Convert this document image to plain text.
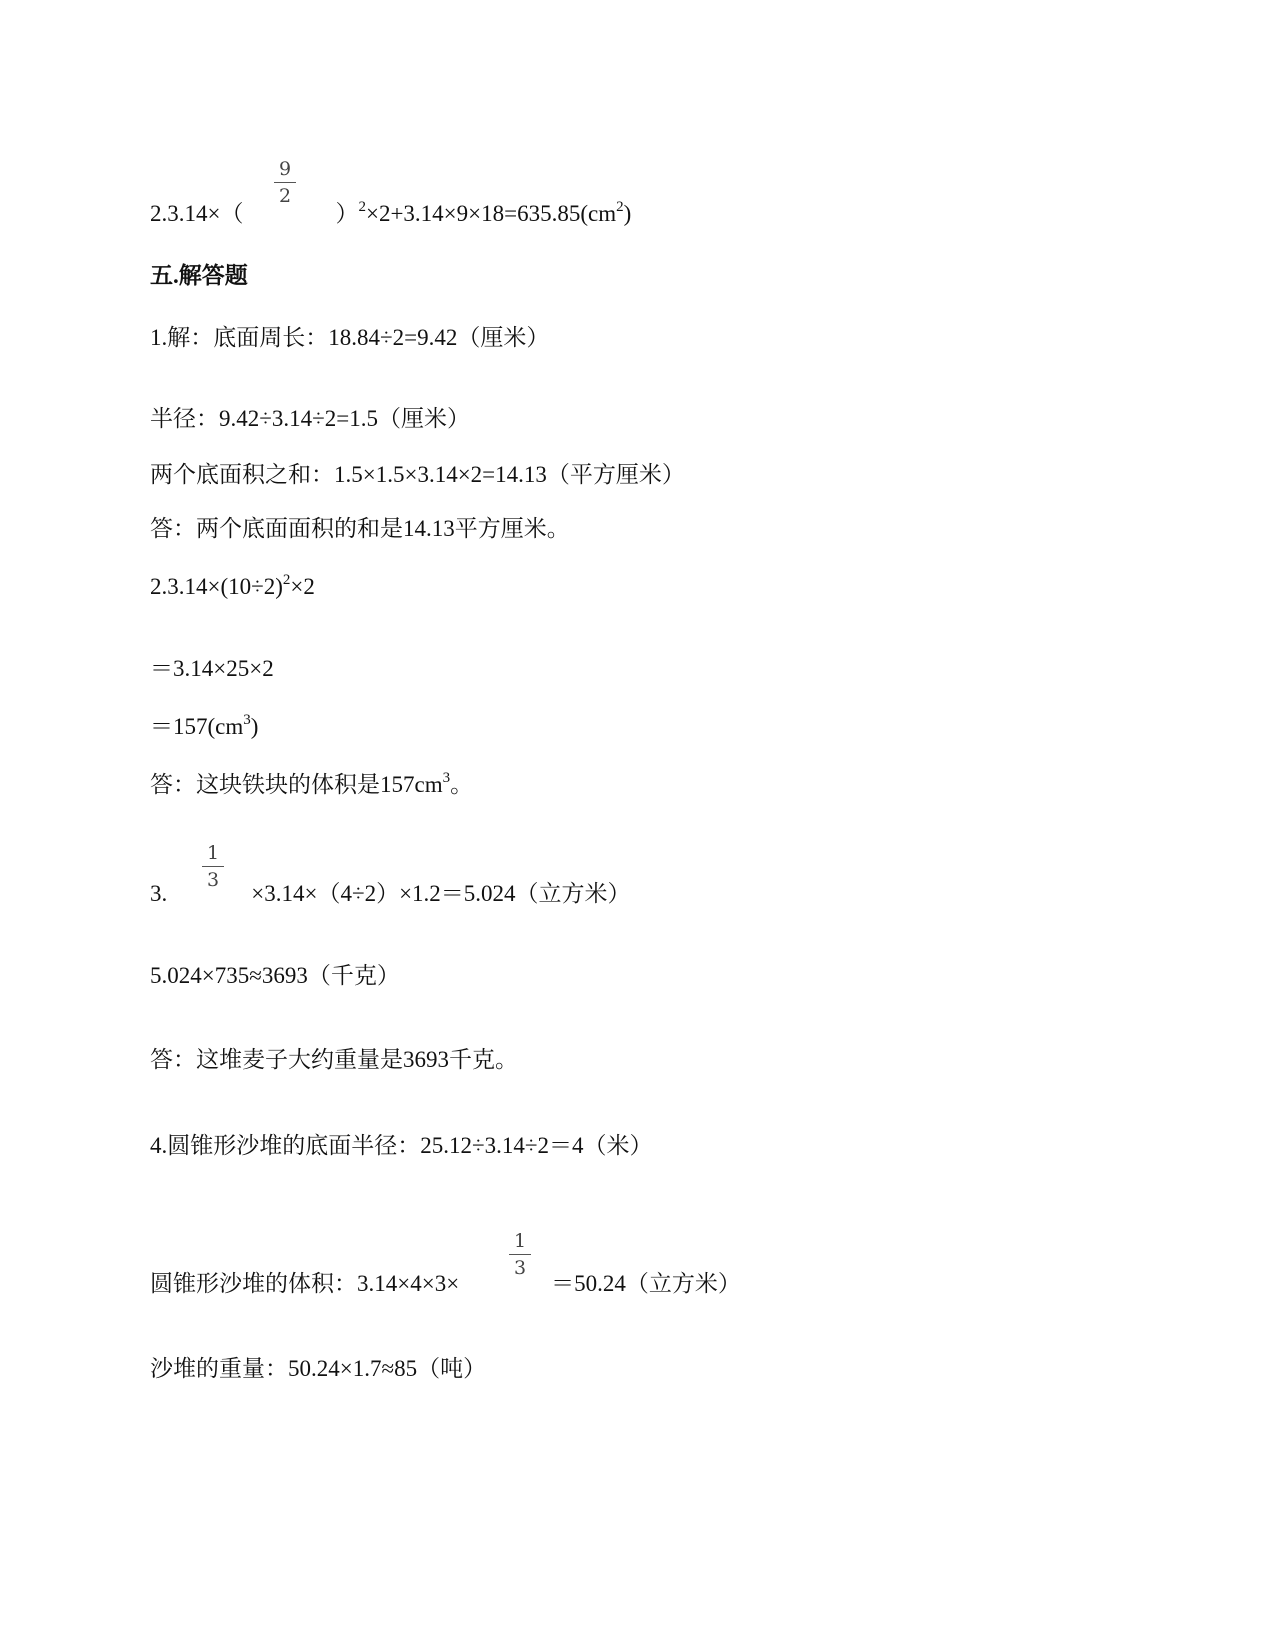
9
2
2.3.14×（	）$^2\times 2+3.14\times 9\times 18=635.85(cm^2)$
五.解答题
1.解：底面周长：18.84÷2=9.42（厘米）
半径：9.42÷3.14÷2=1.5（厘米）
两个底面积之和：1.5×1.5×3.14×2=14.13（平方厘米）
答：两个底面面积的和是14.13平方厘米。
$2.3.14\times(10\div 2)^2\times 2$
＝3.14×25×2
$=157(cm^3)$
答：这块铁块的体积是$157cm^3$。
1
3
3.	×3.14×（4÷2）×1.2＝5.024（立方米）
5.024×735≈3693（千克）
答：这堆麦子大约重量是3693千克。
4.圆锥形沙堆的底面半径：25.12÷3.14÷2＝4（米）
1
3
圆锥形沙堆的体积：3.14×4×3×	＝50.24（立方米）
沙堆的重量：50.24×1.7≈85（吨）
